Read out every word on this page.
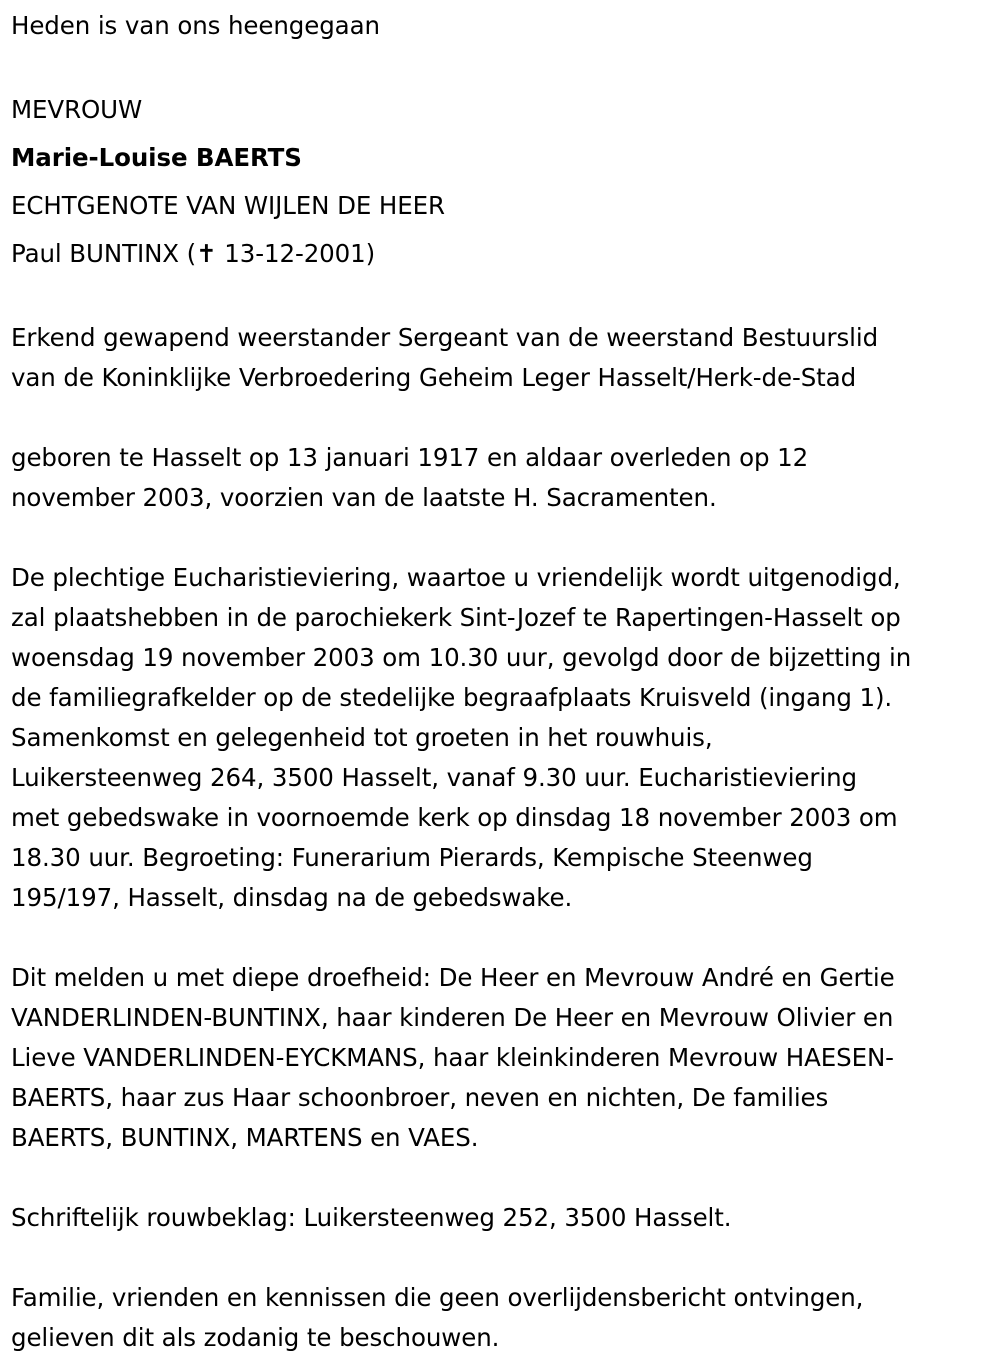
Heden is van ons heengegaan
MEVROUW
Marie-Louise BAERTS
ECHTGENOTE VAN WIJLEN DE HEER
Paul BUNTINX (✝ 13-12-2001)

Erkend gewapend weerstander Sergeant van de weerstand Bestuurslid
van de Koninklijke Verbroedering Geheim Leger Hasselt/Herk-de-Stad

geboren te Hasselt op 13 januari 1917 en aldaar overleden op 12
november 2003, voorzien van de laatste H. Sacramenten.

De plechtige Eucharistieviering, waartoe u vriendelijk wordt uitgenodigd,
zal plaatshebben in de parochiekerk Sint-Jozef te Rapertingen-Hasselt op
woensdag 19 november 2003 om 10.30 uur, gevolgd door de bijzetting in
de familiegrafkelder op de stedelijke begraafplaats Kruisveld (ingang 1).
Samenkomst en gelegenheid tot groeten in het rouwhuis,
Luikersteenweg 264, 3500 Hasselt, vanaf 9.30 uur. Eucharistieviering
met gebedswake in voornoemde kerk op dinsdag 18 november 2003 om
18.30 uur. Begroeting: Funerarium Pierards, Kempische Steenweg
195/197, Hasselt, dinsdag na de gebedswake.

Dit melden u met diepe droefheid: De Heer en Mevrouw André en Gertie
VANDERLINDEN-BUNTINX, haar kinderen De Heer en Mevrouw Olivier en
Lieve VANDERLINDEN-EYCKMANS, haar kleinkinderen Mevrouw HAESEN-
BAERTS, haar zus Haar schoonbroer, neven en nichten, De families
BAERTS, BUNTINX, MARTENS en VAES.

Schriftelijk rouwbeklag: Luikersteenweg 252, 3500 Hasselt.

Familie, vrienden en kennissen die geen overlijdensbericht ontvingen,
gelieven dit als zodanig te beschouwen.
